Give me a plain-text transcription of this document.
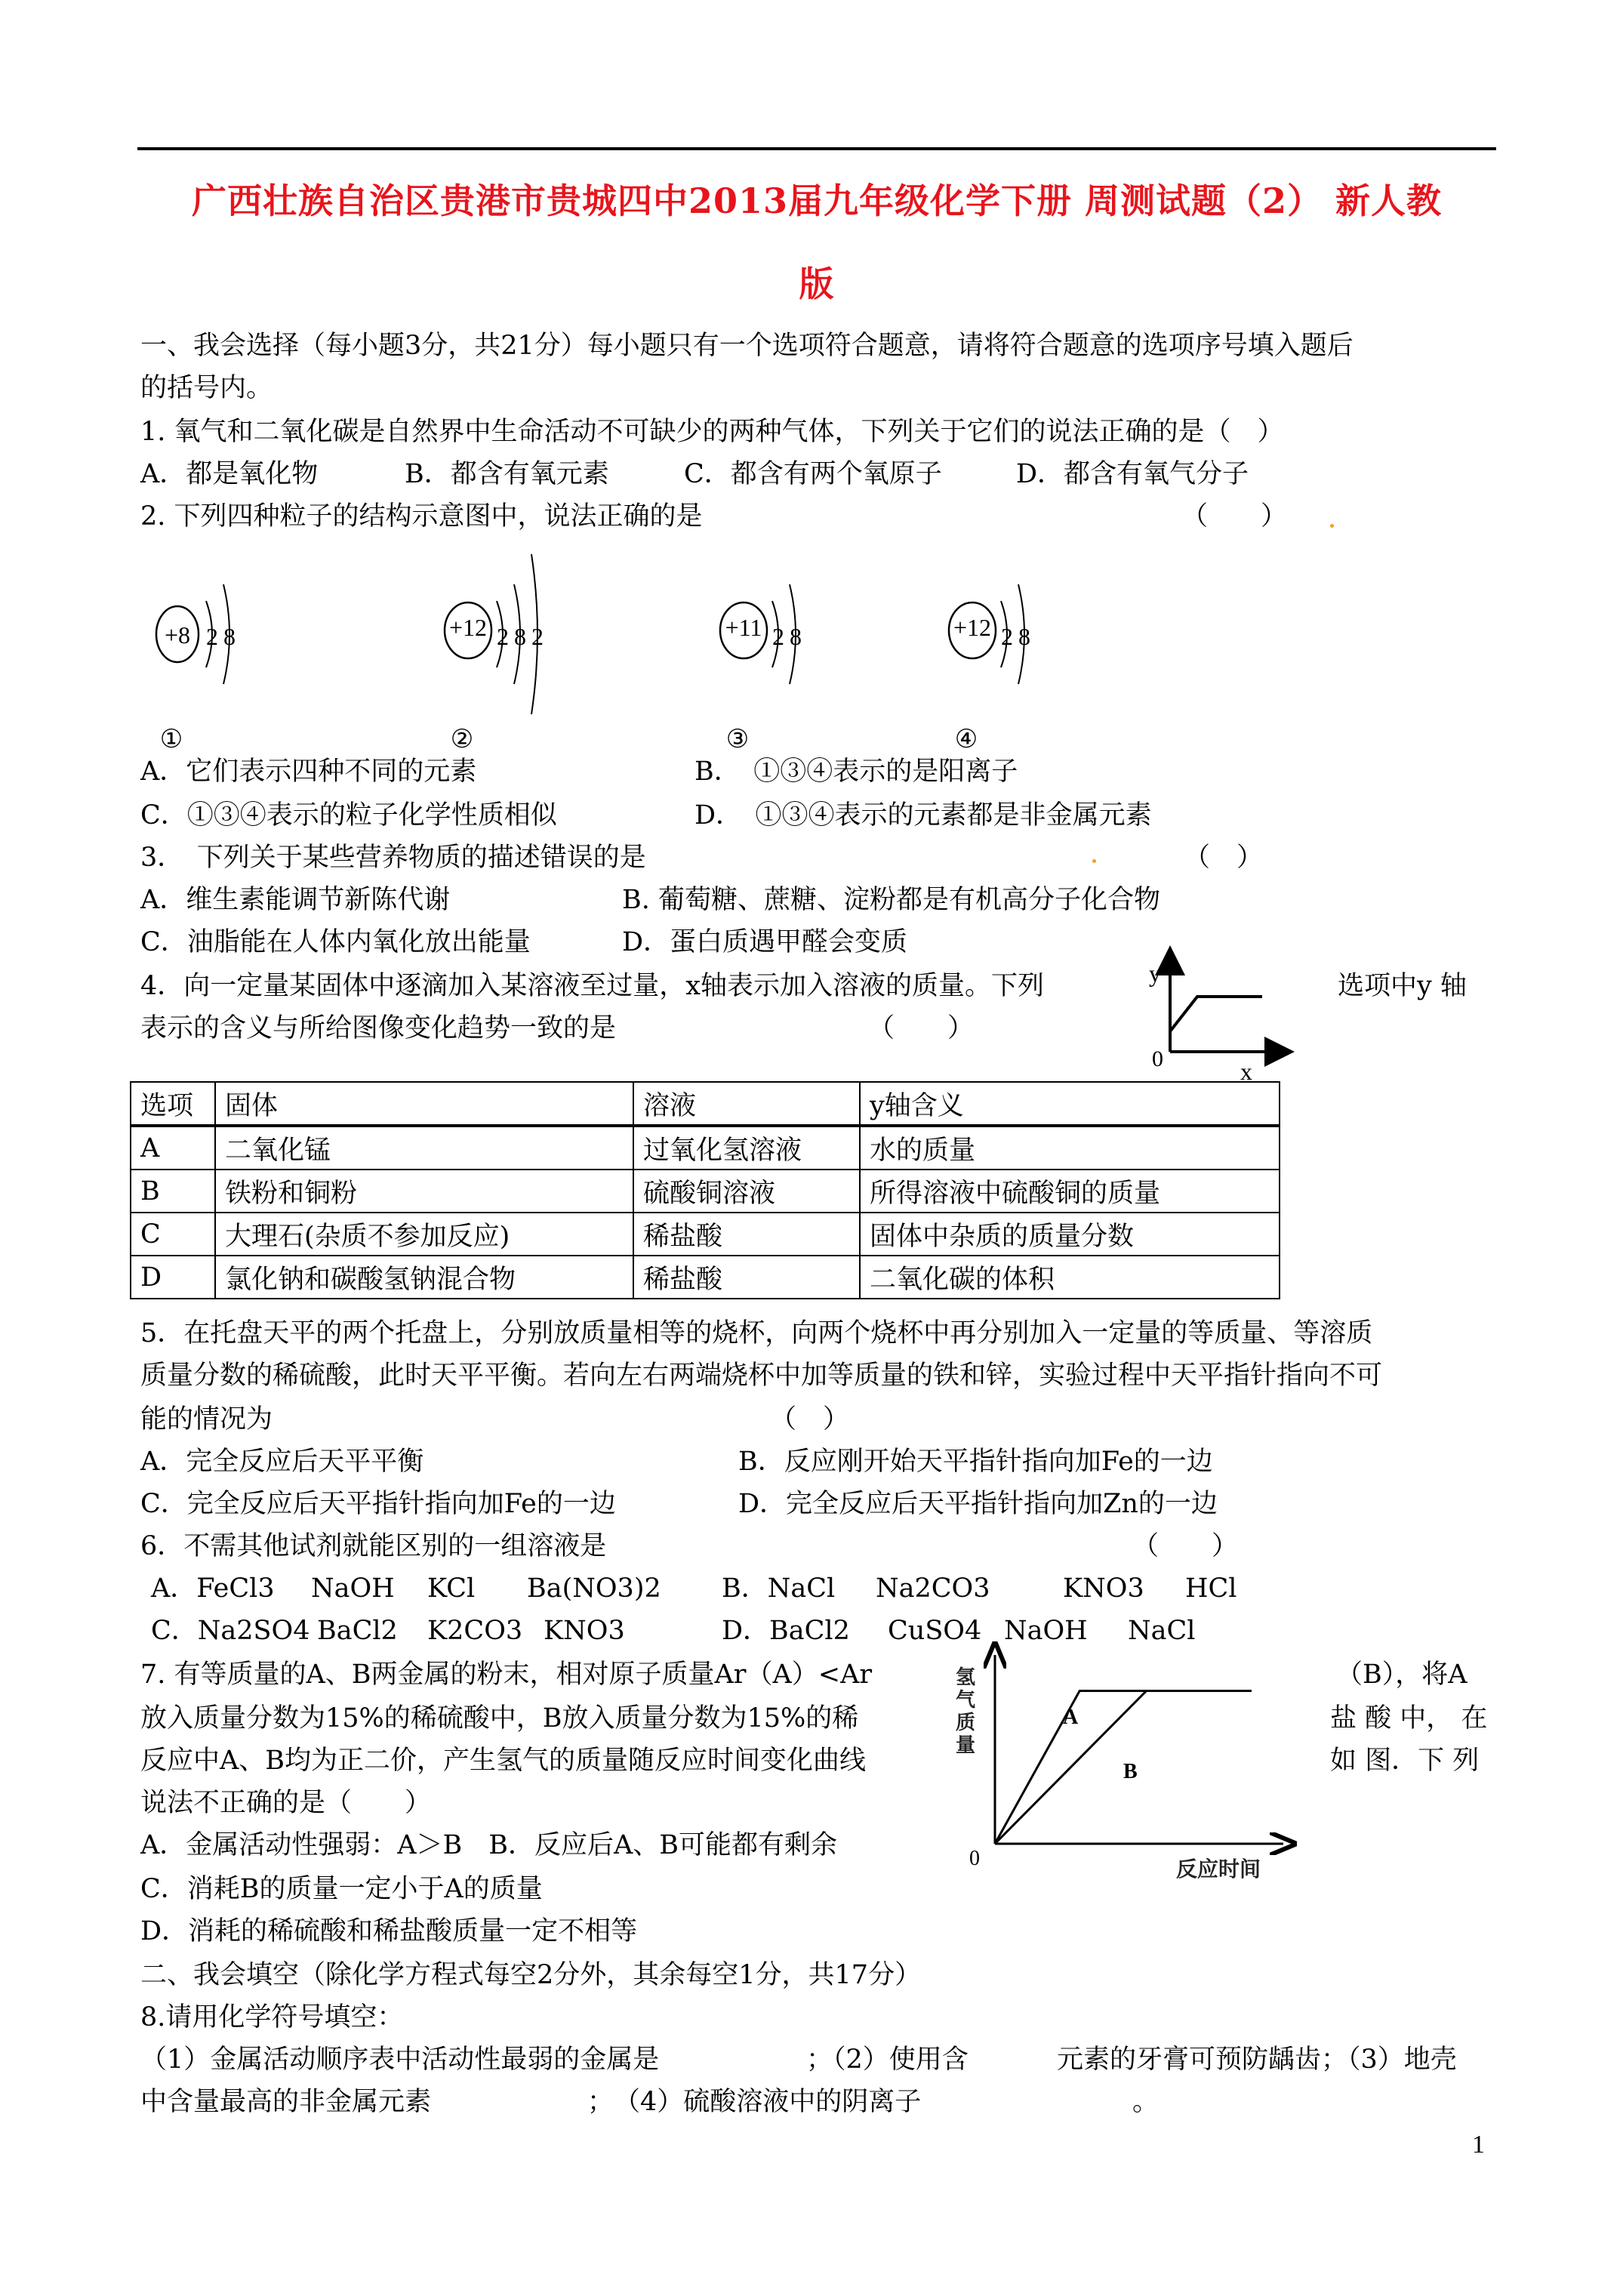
广西壮族自治区贵港市贵城四中2013届九年级化学下册 周测试题（2） 新人教
版
一、我会选择（每小题3分，共21分）每小题只有一个选项符合题意，请将符合题意的选项序号填入题后
的括号内。
1. 氧气和二氧化碳是自然界中生命活动不可缺少的两种气体，下列关于它们的说法正确的是（　）
A．都是氧化物	B．都含有氧元素	C．都含有两个氧原子	D．都含有氧气分子
2. 下列四种粒子的结构示意图中，说法正确的是	（　　）
+8 2 8
①
+12 2 8 2
②
+11 2 8
③
+12 2 8
④
A．它们表示四种不同的元素	B．　①③④表示的是阳离子
C．①③④表示的粒子化学性质相似	D．　①③④表示的元素都是非金属元素
3．　下列关于某些营养物质的描述错误的是	（　）
A．维生素能调节新陈代谢	B. 葡萄糖、蔗糖、淀粉都是有机高分子化合物
C．油脂能在人体内氧化放出能量	D．蛋白质遇甲醛会变质
4．向一定量某固体中逐滴加入某溶液至过量，x轴表示加入溶液的质量。下列	选项中y 轴
表示的含义与所给图像变化趋势一致的是	（　　）
y
0	x
选项	固体	溶液	y轴含义
A	二氧化锰	过氧化氢溶液	水的质量
B	铁粉和铜粉	硫酸铜溶液	所得溶液中硫酸铜的质量
C	大理石(杂质不参加反应)	稀盐酸	固体中杂质的质量分数
D	氯化钠和碳酸氢钠混合物	稀盐酸	二氧化碳的体积
5．在托盘天平的两个托盘上，分别放质量相等的烧杯，向两个烧杯中再分别加入一定量的等质量、等溶质
质量分数的稀硫酸，此时天平平衡。若向左右两端烧杯中加等质量的铁和锌，实验过程中天平指针指向不可
能的情况为	（　）
A．完全反应后天平平衡	B．反应刚开始天平指针指向加Fe的一边
C．完全反应后天平指针指向加Fe的一边	D．完全反应后天平指针指向加Zn的一边
6．不需其他试剂就能区别的一组溶液是	（　　）
A．FeCl3 NaOH KCl Ba(NO3)2 B．NaCl Na2CO3	KNO3 HCl
C．Na2SO4 BaCl2 K2CO3 KNO3	D．BaCl2 CuSO4 NaOH NaCl
7. 有等质量的A、B两金属的粉末，相对原子质量Ar（A）<Ar	（B），将A
放入质量分数为15%的稀硫酸中，B放入质量分数为15%的稀	盐 酸 中， 在
反应中A、B均为正二价，产生氢气的质量随反应时间变化曲线	如 图．下 列
说法不正确的是（　　）
A．金属活动性强弱：A＞B　B．反应后A、B可能都有剩余
C．消耗B的质量一定小于A的质量
D．消耗的稀硫酸和稀盐酸质量一定不相等
氢气质量
0	反应时间
A
B
二、我会填空（除化学方程式每空2分外，其余每空1分，共17分）
8.请用化学符号填空：
（1）金属活动顺序表中活动性最弱的金属是	；（2）使用含	元素的牙膏可预防龋齿；（3）地壳
中含量最高的非金属元素	；　（4）硫酸溶液中的阴离子	。
1
